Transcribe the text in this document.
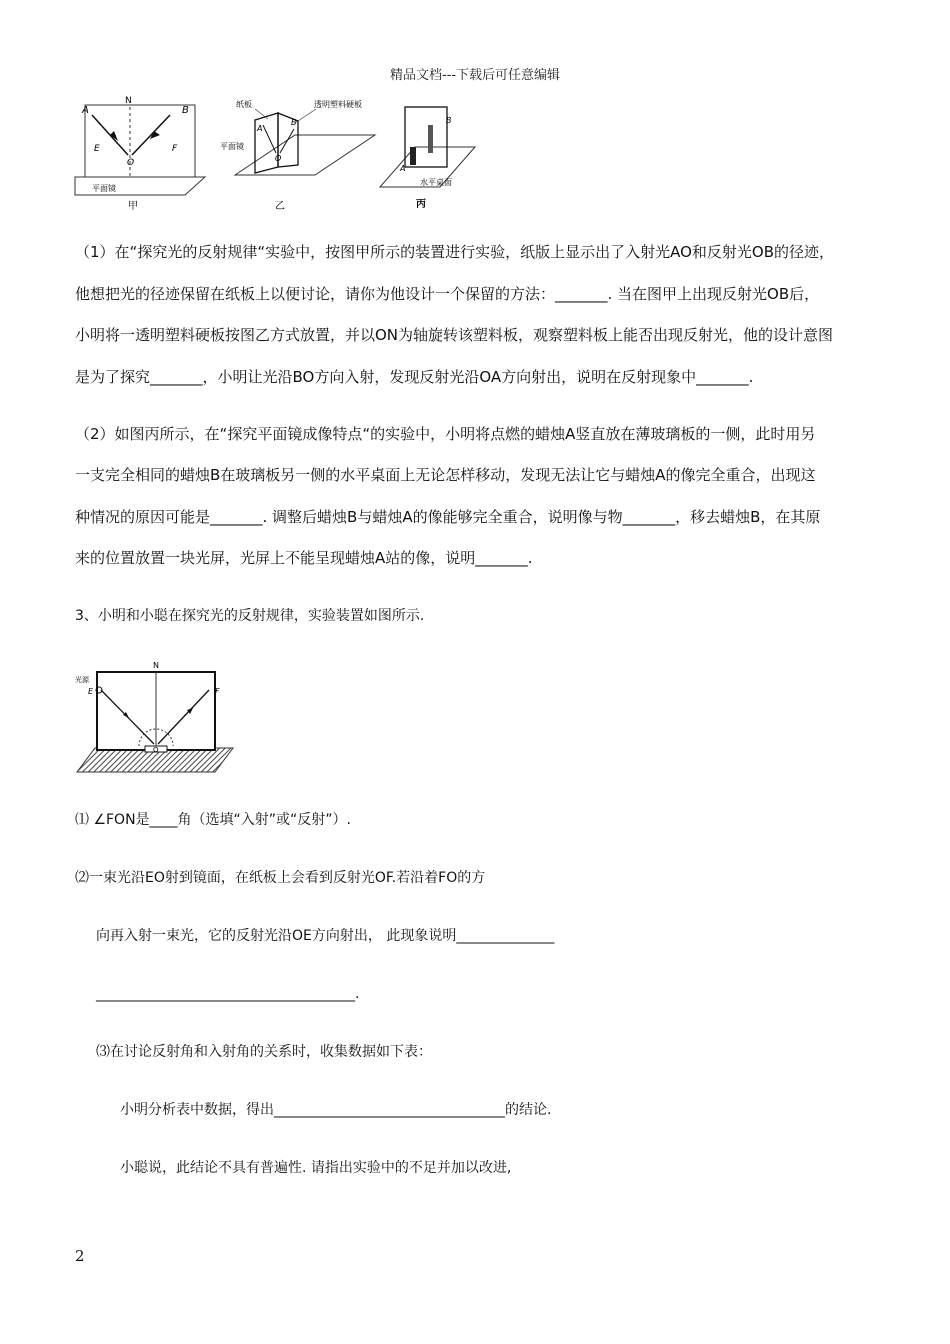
精品文档---下载后可任意编辑
A
N
B
E
O
F
平面镜
甲
纸板	透明塑料硬板
A
B
O
平面镜
乙
B
A
水平桌面
丙
（1）在“探究光的反射规律“实验中，按图甲所示的装置进行实验，纸版上显示出了入射光AO和反射光OB的径迹，
他想把光的径迹保留在纸板上以便讨论，请你为他设计一个保留的方法：_______. 当在图甲上出现反射光OB后，
小明将一透明塑料硬板按图乙方式放置，并以ON为轴旋转该塑料板，观察塑料板上能否出现反射光，他的设计意图
是为了探究_______，小明让光沿BO方向入射，发现反射光沿OA方向射出，说明在反射现象中_______.
（2）如图丙所示，在“探究平面镜成像特点“的实验中，小明将点燃的蜡烛A竖直放在薄玻璃板的一侧，此时用另
一支完全相同的蜡烛B在玻璃板另一侧的水平桌面上无论怎样移动，发现无法让它与蜡烛A的像完全重合，出现这
种情况的原因可能是_______. 调整后蜡烛B与蜡烛A的像能够完全重合，说明像与物_______，移去蜡烛B，在其原
来的位置放置一块光屏，光屏上不能呈现蜡烛A站的像，说明_______.
3、小明和小聪在探究光的反射规律，实验装置如图所示.
N
光源
E	F
O
⑴ ∠FON是____角（选填“入射”或“反射”）.
⑵一束光沿EO射到镜面，在纸板上会看到反射光OF.若沿着FO的方
向再入射一束光，它的反射光沿OE方向射出， 此现象说明______________
_____________________________________.
⑶在讨论反射角和入射角的关系时，收集数据如下表：
小明分析表中数据，得出_________________________________的结论.
小聪说，此结论不具有普遍性. 请指出实验中的不足并加以改进,
2
